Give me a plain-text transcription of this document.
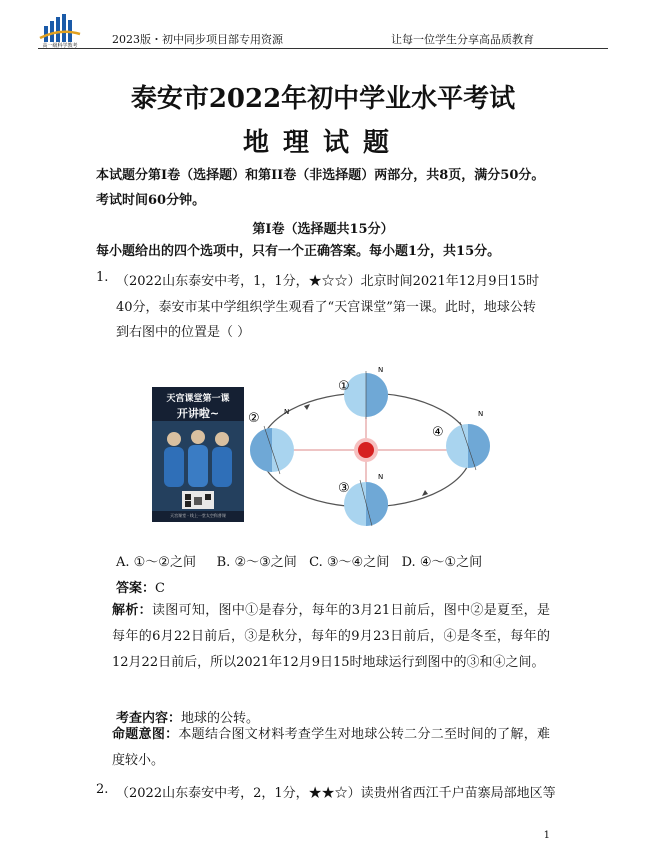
高一级科学教考	2023版・初中同步项目部专用资源	让每一位学生分享高品质教育
泰安市2022年初中学业水平考试
地理试题
本试题分第I卷（选择题）和第II卷（非选择题）两部分，共8页，满分50分。
考试时间60分钟。
第I卷（选择题共15分）
每小题给出的四个选项中，只有一个正确答案。每小题1分，共15分。
1. （2022山东泰安中考，1，1分，★☆☆）北京时间2021年12月9日15时
40分，泰安市某中学组织学生观看了“天宫课堂”第一课。此时，地球公转
到右图中的位置是（ ）
天宫课堂第一课
开讲啦~
天宫课堂 · 线上一堂太空科普课
①
②
③
④
N
N
N
N
A. ①～②之间     B. ②～③之间   C. ③～④之间   D. ④～①之间
答案：C
解析：读图可知，图中①是春分，每年的3月21日前后，图中②是夏至，是每年的6月22日前后，③是秋分，每年的9月23日前后，④是冬至，每年的12月22日前后，所以2021年12月9日15时地球运行到图中的③和④之间。
考查内容：地球的公转。
命题意图：本题结合图文材料考查学生对地球公转二分二至时间的了解，难度较小。
2. （2022山东泰安中考，2，1分，★★☆）读贵州省西江千户苗寨局部地区等
1
